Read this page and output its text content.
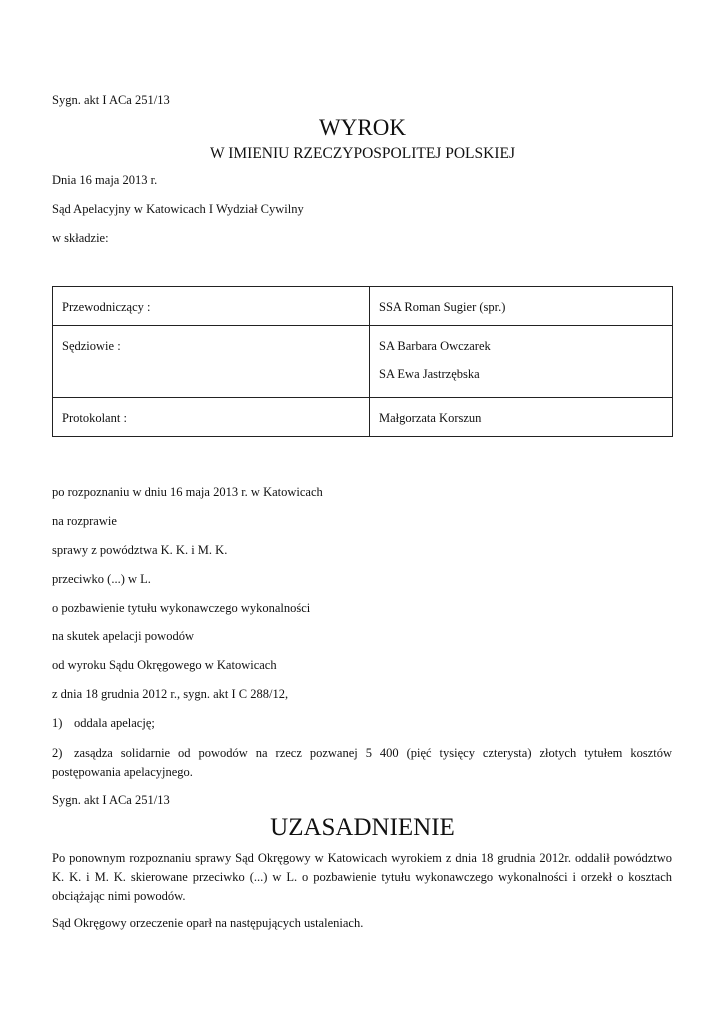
Sygn. akt I ACa 251/13
WYROK
W IMIENIU RZECZYPOSPOLITEJ POLSKIEJ
Dnia 16 maja 2013 r.
Sąd Apelacyjny w Katowicach I Wydział Cywilny
w składzie:
Przewodniczący :	SSA Roman Sugier (spr.)
Sędziowie :	SA Barbara Owczarek
SA Ewa Jastrzębska

Protokolant :	Małgorzata Korszun
po rozpoznaniu w dniu 16 maja 2013 r. w Katowicach
na rozprawie
sprawy z powództwa K. K. i M. K.
przeciwko (...) w L.
o pozbawienie tytułu wykonawczego wykonalności
na skutek apelacji powodów
od wyroku Sądu Okręgowego w Katowicach
z dnia 18 grudnia 2012 r., sygn. akt I C 288/12,
1) oddala apelację;
2) zasądza solidarnie od powodów na rzecz pozwanej 5 400 (pięć tysięcy czterysta) złotych tytułem kosztów postępowania apelacyjnego.
Sygn. akt I ACa 251/13
UZASADNIENIE
Po ponownym rozpoznaniu sprawy Sąd Okręgowy w Katowicach wyrokiem z dnia 18 grudnia 2012r. oddalił powództwo K. K. i M. K. skierowane przeciwko (...) w L. o pozbawienie tytułu wykonawczego wykonalności i orzekł o kosztach obciążając nimi powodów.
Sąd Okręgowy orzeczenie oparł na następujących ustaleniach.
